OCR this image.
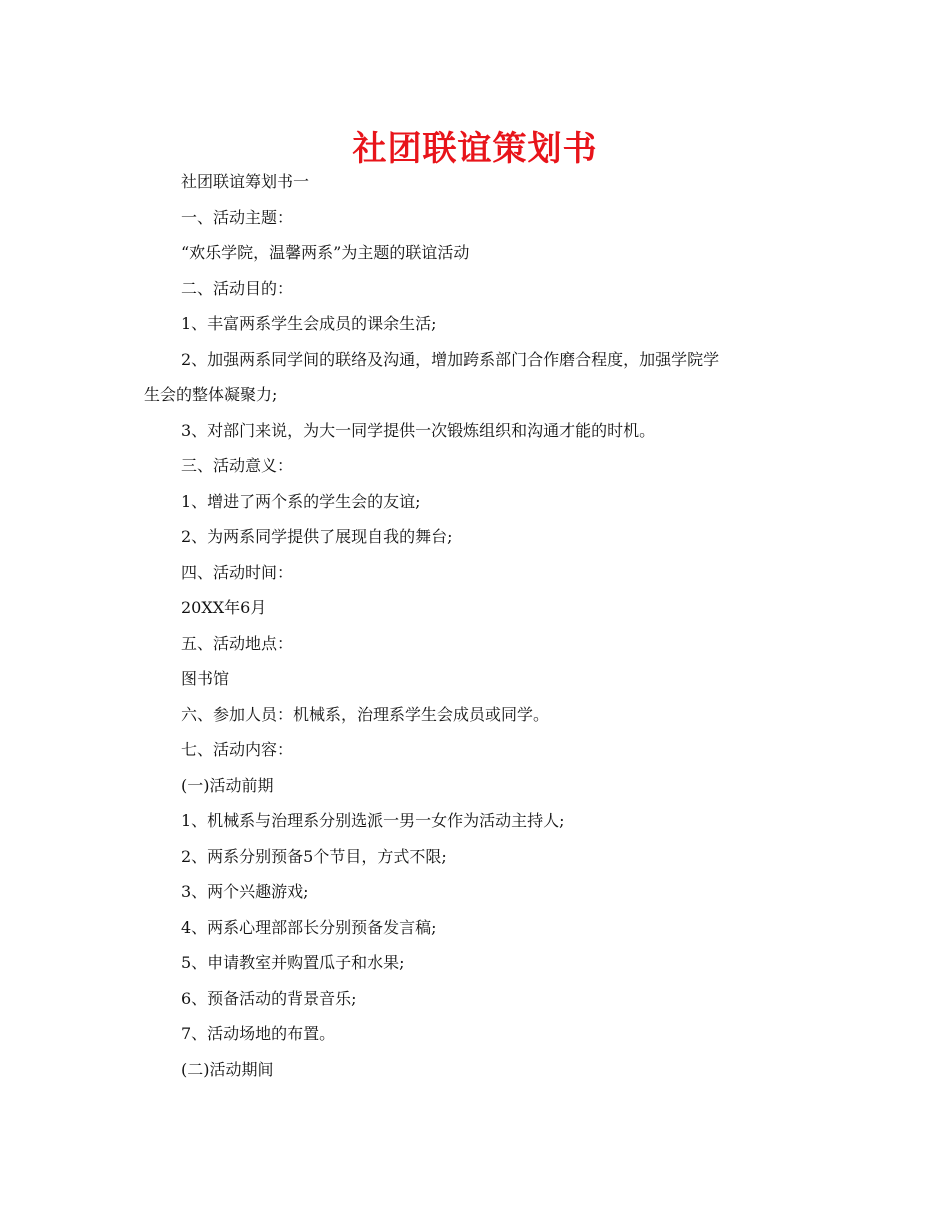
社团联谊策划书
社团联谊筹划书一
一、活动主题：
“欢乐学院，温馨两系”为主题的联谊活动
二、活动目的：
1、丰富两系学生会成员的课余生活;
2、加强两系同学间的联络及沟通，增加跨系部门合作磨合程度，加强学院学
生会的整体凝聚力;
3、对部门来说，为大一同学提供一次锻炼组织和沟通才能的时机。
三、活动意义：
1、增进了两个系的学生会的友谊;
2、为两系同学提供了展现自我的舞台;
四、活动时间：
20XX年6月
五、活动地点：
图书馆
六、参加人员：机械系，治理系学生会成员或同学。
七、活动内容：
(一)活动前期
1、机械系与治理系分别选派一男一女作为活动主持人;
2、两系分别预备5个节目，方式不限;
3、两个兴趣游戏;
4、两系心理部部长分别预备发言稿;
5、申请教室并购置瓜子和水果;
6、预备活动的背景音乐;
7、活动场地的布置。
(二)活动期间
